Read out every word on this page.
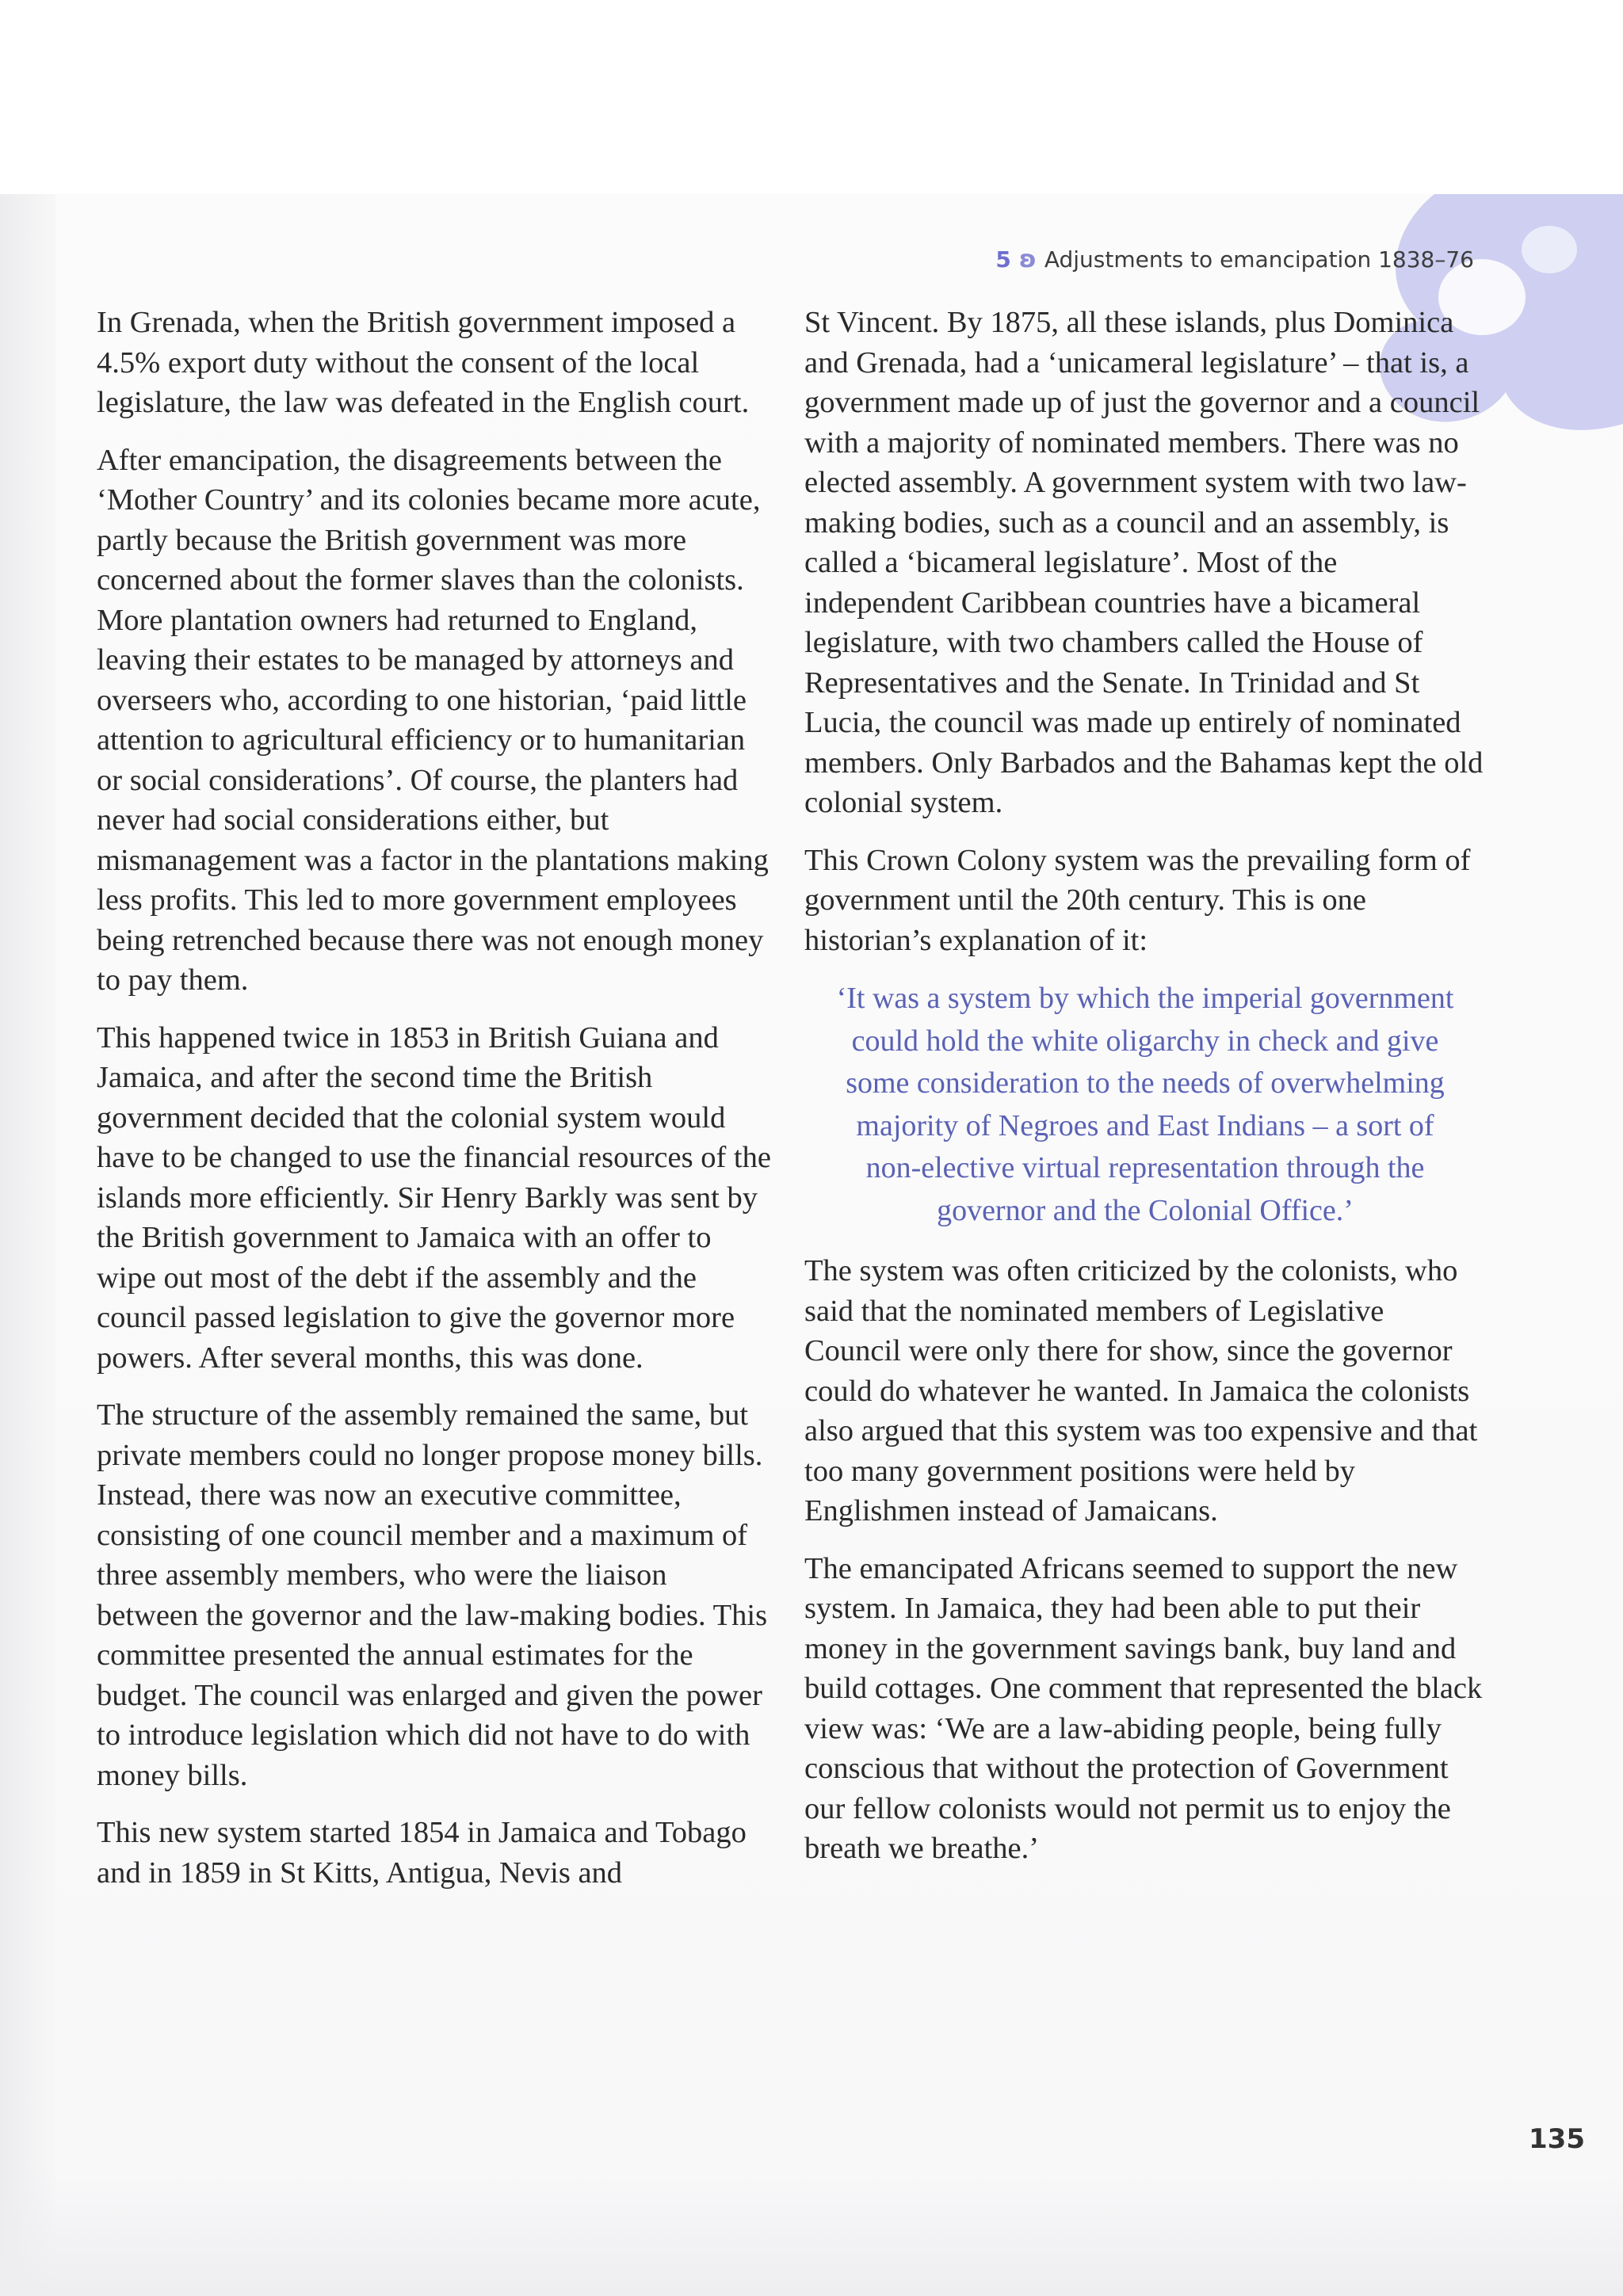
5 ʚ Adjustments to emancipation 1838–76

In Grenada, when the British government imposed a 4.5% export duty without the consent of the local legislature, the law was defeated in the English court.

After emancipation, the disagreements between the ‘Mother Country’ and its colonies became more acute, partly because the British government was more concerned about the former slaves than the colonists. More plantation owners had returned to England, leaving their estates to be managed by attorneys and overseers who, according to one historian, ‘paid little attention to agricultural efficiency or to humanitarian or social considerations’. Of course, the planters had never had social considerations either, but mismanagement was a factor in the plantations making less profits. This led to more government employees being retrenched because there was not enough money to pay them.

This happened twice in 1853 in British Guiana and Jamaica, and after the second time the British government decided that the colonial system would have to be changed to use the financial resources of the islands more efficiently. Sir Henry Barkly was sent by the British government to Jamaica with an offer to wipe out most of the debt if the assembly and the council passed legislation to give the governor more powers. After several months, this was done.

The structure of the assembly remained the same, but private members could no longer propose money bills. Instead, there was now an executive committee, consisting of one council member and a maximum of three assembly members, who were the liaison between the governor and the law-making bodies. This committee presented the annual estimates for the budget. The council was enlarged and given the power to introduce legislation which did not have to do with money bills.

This new system started 1854 in Jamaica and Tobago and in 1859 in St Kitts, Antigua, Nevis and

St Vincent. By 1875, all these islands, plus Dominica and Grenada, had a ‘unicameral legislature’ – that is, a government made up of just the governor and a council with a majority of nominated members. There was no elected assembly. A government system with two law-making bodies, such as a council and an assembly, is called a ‘bicameral legislature’. Most of the independent Caribbean countries have a bicameral legislature, with two chambers called the House of Representatives and the Senate. In Trinidad and St Lucia, the council was made up entirely of nominated members. Only Barbados and the Bahamas kept the old colonial system.

This Crown Colony system was the prevailing form of government until the 20th century. This is one historian’s explanation of it:

‘It was a system by which the imperial government could hold the white oligarchy in check and give some consideration to the needs of overwhelming majority of Negroes and East Indians – a sort of non-elective virtual representation through the governor and the Colonial Office.’

The system was often criticized by the colonists, who said that the nominated members of Legislative Council were only there for show, since the governor could do whatever he wanted. In Jamaica the colonists also argued that this system was too expensive and that too many government positions were held by Englishmen instead of Jamaicans.

The emancipated Africans seemed to support the new system. In Jamaica, they had been able to put their money in the government savings bank, buy land and build cottages. One comment that represented the black view was: ‘We are a law-abiding people, being fully conscious that without the protection of Government our fellow colonists would not permit us to enjoy the breath we breathe.’

135
